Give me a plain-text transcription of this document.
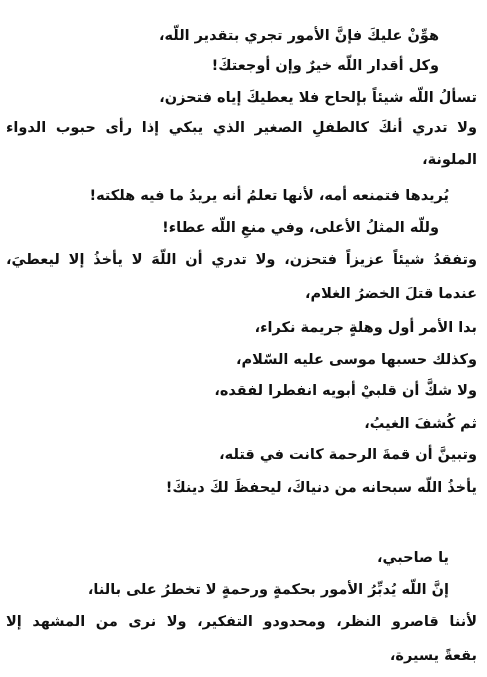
هوِّنْ عليكَ فإنَّ الأمور تجري بتقدير اللّه،
وكل أقدار اللّه خيرٌ وإن أوجعتكَ!
تسألُ اللّه شيئاً بإلحاح فلا يعطيكَ إياه فتحزن،
ولا تدري أنكَ كالطفلِ الصغير الذي يبكي إذا رأى حبوب الدواء
الملونة،
يُريدها فتمنعه أمه، لأنها تعلمُ أنه يريدُ ما فيه هلكته!
وللّه المثلُ الأعلى، وفي منعِ اللّه عطاء!
وتفقدُ شيئاً عزيزاً فتحزن، ولا تدري أن اللّهَ لا يأخذُ إلا ليعطيَ،
عندما قتلَ الخضرُ الغلام،
بدا الأمر أول وهلةٍ جريمة نكراء،
وكذلك حسبها موسى عليه السّلام،
ولا شكَّ أن قلبيْ أبويه انفطرا لفقده،
ثم كُشفَ الغيبُ،
وتبينَّ أن قمةَ الرحمة كانت في قتله،
يأخذُ اللّه سبحانه من دنياكَ، ليحفظَ لكَ دينكَ!
يا صاحبي،
إنَّ اللّه يُدبِّرُ الأمور بحكمةٍ ورحمةٍ لا تخطرُ على بالنا،
لأننا قاصرو النظر، ومحدودو التفكير، ولا نرى من المشهد إلا
بقعةً يسيرة،
